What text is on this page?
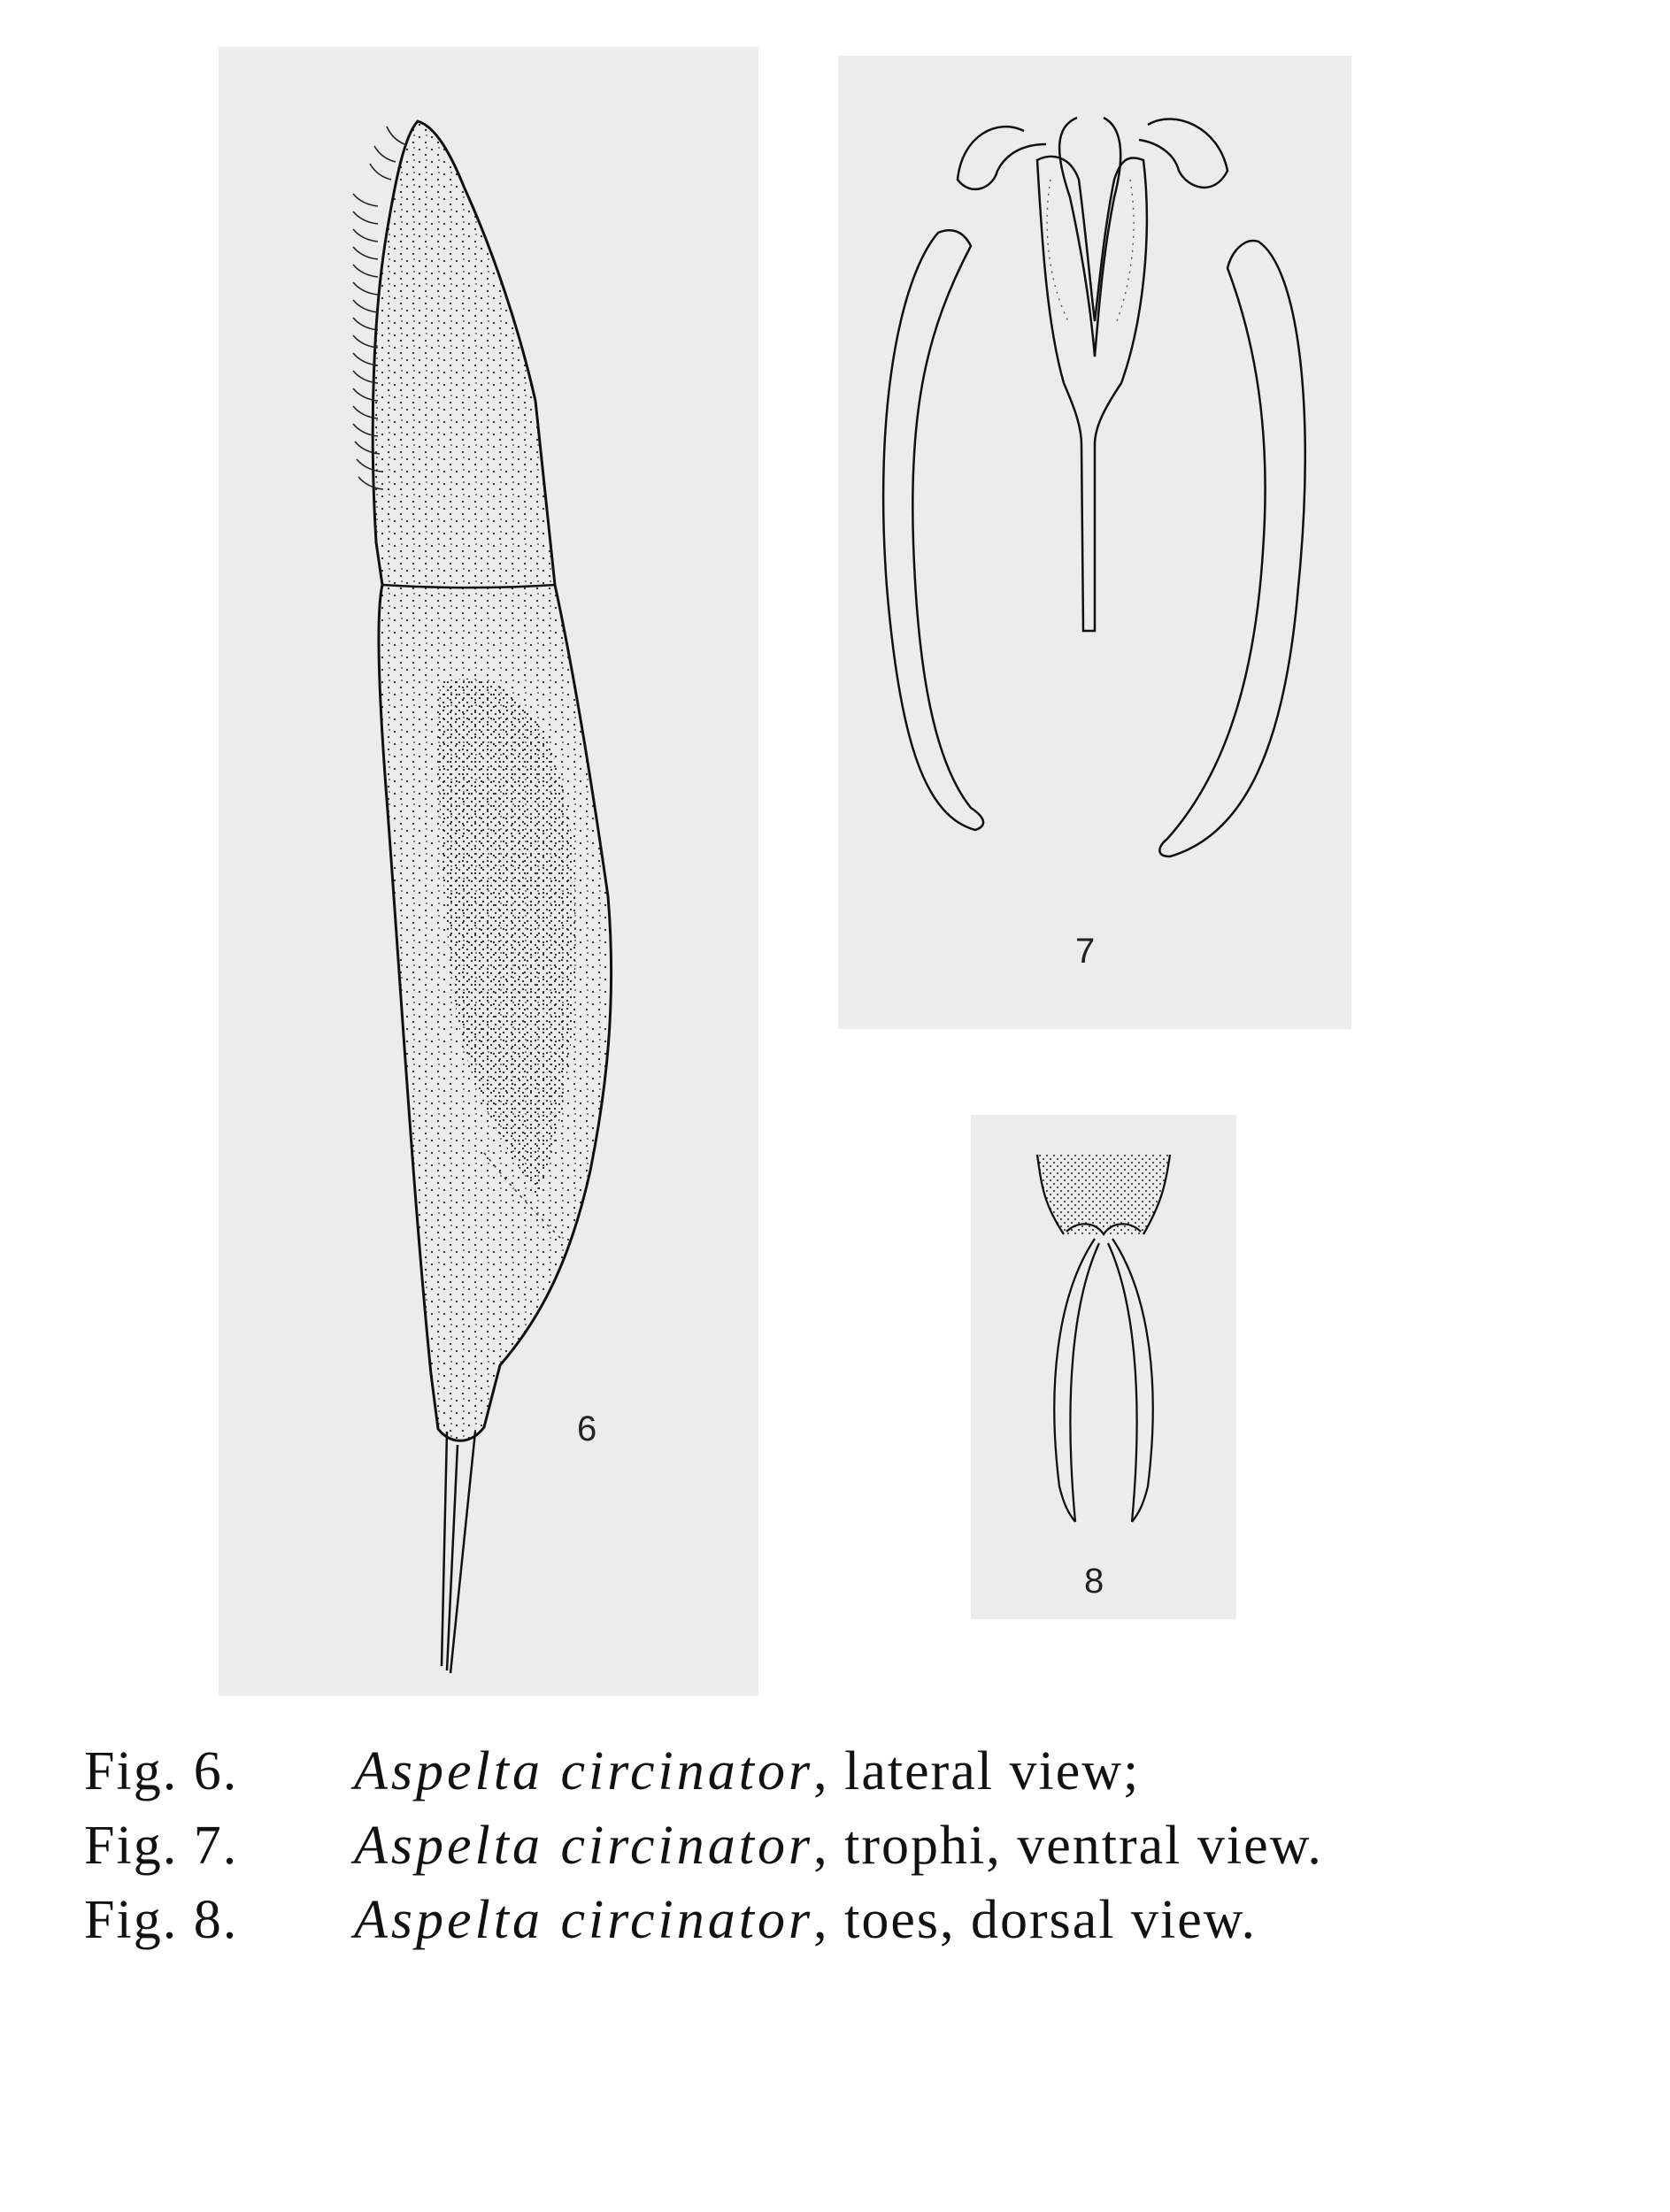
6
7
8
Fig. 6. Aspelta circinator, lateral view;
Fig. 7. Aspelta circinator, trophi, ventral view.
Fig. 8. Aspelta circinator, toes, dorsal view.
